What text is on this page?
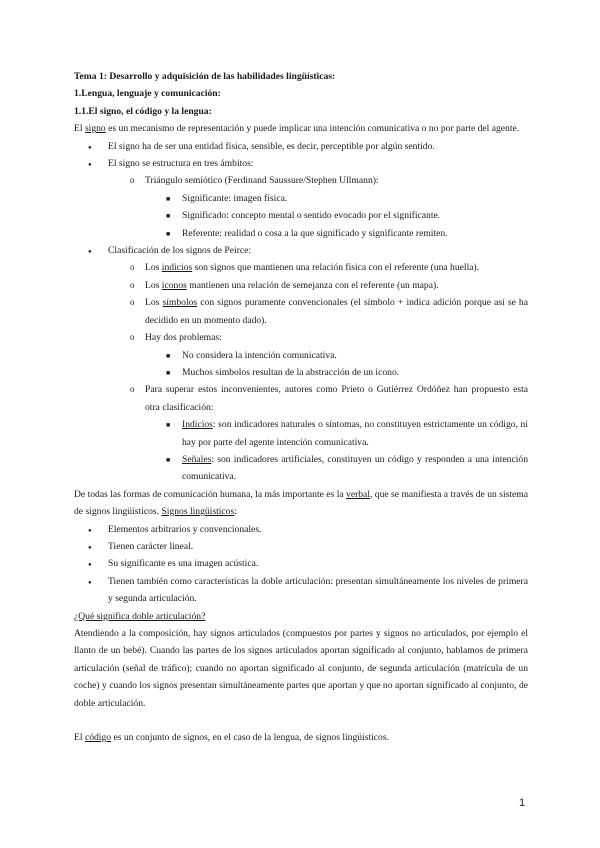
Tema 1: Desarrollo y adquisición de las habilidades lingüísticas:

1.Lengua, lenguaje y comunicación:

1.1.El signo, el código y la lengua:

El signo es un mecanismo de representación y puede implicar una intención comunicativa o no por parte del agente.

●
El signo ha de ser una entidad física, sensible, es decir, perceptible por algún sentido.
●
El signo se estructura en tres ámbitos:
o
Triángulo semiótico (Ferdinand Saussure/Stephen Ullmann):
■
Significante: imagen física.
■
Significado: concepto mental o sentido evocado por el significante.
■
Referente: realidad o cosa a la que significado y significante remiten.
●
Clasificación de los signos de Peirce:
o
Los indicios son signos que mantienen una relación física con el referente (una huella).
o
Los iconos mantienen una relación de semejanza con el referente (un mapa).
o
Los símbolos con signos puramente convencionales (el símbolo + indica adición porque así se ha decidido en un momento dado).
o
Hay dos problemas:
■
No considera la intención comunicativa.
■
Muchos símbolos resultan de la abstracción de un icono.
o
Para superar estos inconvenientes, autores como Prieto o Gutiérrez Ordóñez han propuesto esta otra clasificación:
■
Indicios: son indicadores naturales o síntomas, no constituyen estrictamente un código, ni hay por parte del agente intención comunicativa.
■
Señales: son indicadores artificiales, constituyen un código y responden a una intención comunicativa.

De todas las formas de comunicación humana, la más importante es la verbal, que se manifiesta a través de un sistema de signos lingüísticos. Signos lingüísticos:

●
Elementos arbitrarios y convencionales.
●
Tienen carácter lineal.
●
Su significante es una imagen acústica.
●
Tienen también como características la doble articulación: presentan simultáneamente los niveles de primera y segunda articulación.

¿Qué significa doble articulación?

Atendiendo a la composición, hay signos articulados (compuestos por partes y signos no articulados, por ejemplo el llanto de un bebé). Cuando las partes de los signos articulados aportan significado al conjunto, hablamos de primera articulación (señal de tráfico); cuando no aportan significado al conjunto, de segunda articulación (matrícula de un coche) y cuando los signos presentan simultáneamente partes que aportan y que no aportan significado al conjunto, de doble articulación.

El código es un conjunto de signos, en el caso de la lengua, de signos lingüísticos.

1
